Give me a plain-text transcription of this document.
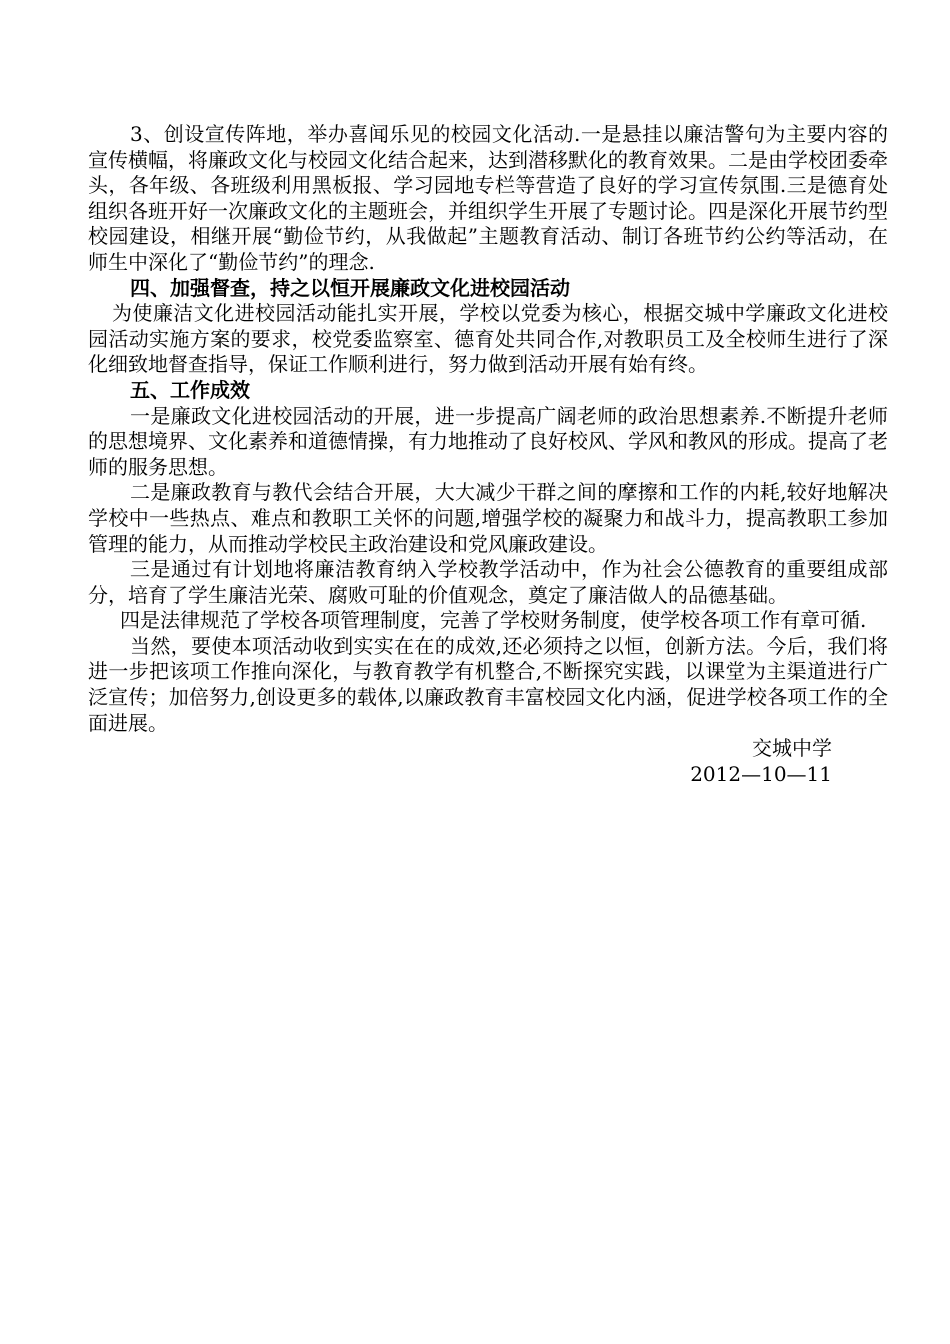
3、创设宣传阵地，举办喜闻乐见的校园文化活动.一是悬挂以廉洁警句为主要内容的宣传横幅，将廉政文化与校园文化结合起来，达到潜移默化的教育效果。二是由学校团委牵头，各年级、各班级利用黑板报、学习园地专栏等营造了良好的学习宣传氛围.三是德育处组织各班开好一次廉政文化的主题班会，并组织学生开展了专题讨论。四是深化开展节约型校园建设，相继开展“勤俭节约，从我做起”主题教育活动、制订各班节约公约等活动，在师生中深化了“勤俭节约”的理念.

四、加强督查，持之以恒开展廉政文化进校园活动

为使廉洁文化进校园活动能扎实开展，学校以党委为核心，根据交城中学廉政文化进校园活动实施方案的要求，校党委监察室、德育处共同合作,对教职员工及全校师生进行了深化细致地督查指导，保证工作顺利进行，努力做到活动开展有始有终。

五、工作成效

一是廉政文化进校园活动的开展，进一步提高广阔老师的政治思想素养.不断提升老师的思想境界、文化素养和道德情操，有力地推动了良好校风、学风和教风的形成。提高了老师的服务思想。

二是廉政教育与教代会结合开展，大大减少干群之间的摩擦和工作的内耗,较好地解决学校中一些热点、难点和教职工关怀的问题,增强学校的凝聚力和战斗力，提高教职工参加管理的能力，从而推动学校民主政治建设和党风廉政建设。

三是通过有计划地将廉洁教育纳入学校教学活动中，作为社会公德教育的重要组成部分，培育了学生廉洁光荣、腐败可耻的价值观念，奠定了廉洁做人的品德基础。

四是法律规范了学校各项管理制度，完善了学校财务制度，使学校各项工作有章可循.

当然，要使本项活动收到实实在在的成效,还必须持之以恒，创新方法。今后，我们将进一步把该项工作推向深化，与教育教学有机整合,不断探究实践，以课堂为主渠道进行广泛宣传；加倍努力,创设更多的载体,以廉政教育丰富校园文化内涵，促进学校各项工作的全面进展。

交城中学

2012—10—11
